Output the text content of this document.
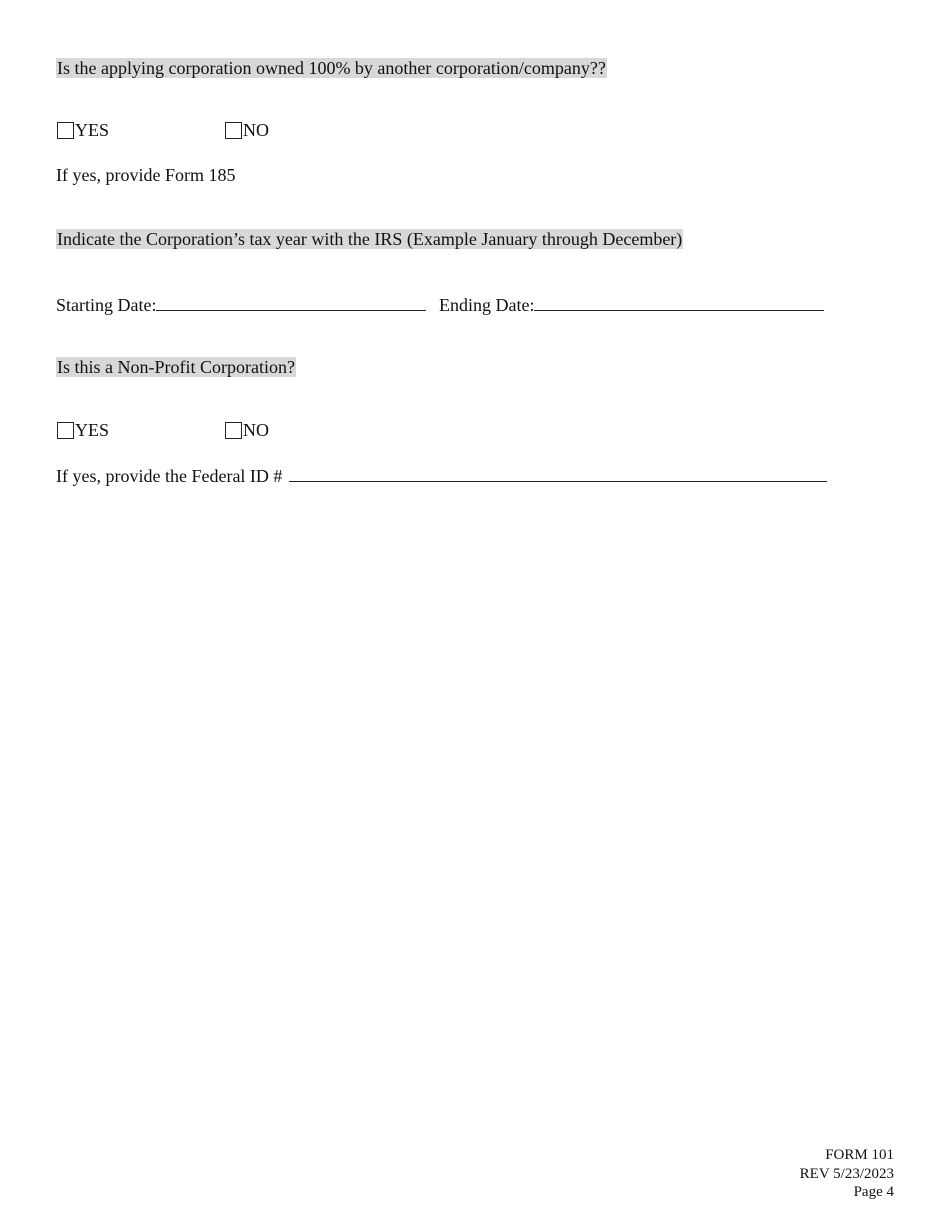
Is the applying corporation owned 100% by another corporation/company??
YES	NO
If yes, provide Form 185
Indicate the Corporation’s tax year with the IRS (Example January through December)
Starting Date:	Ending Date:
Is this a Non-Profit Corporation?
YES	NO
If yes, provide the Federal ID #
FORM 101
REV 5/23/2023
Page 4
